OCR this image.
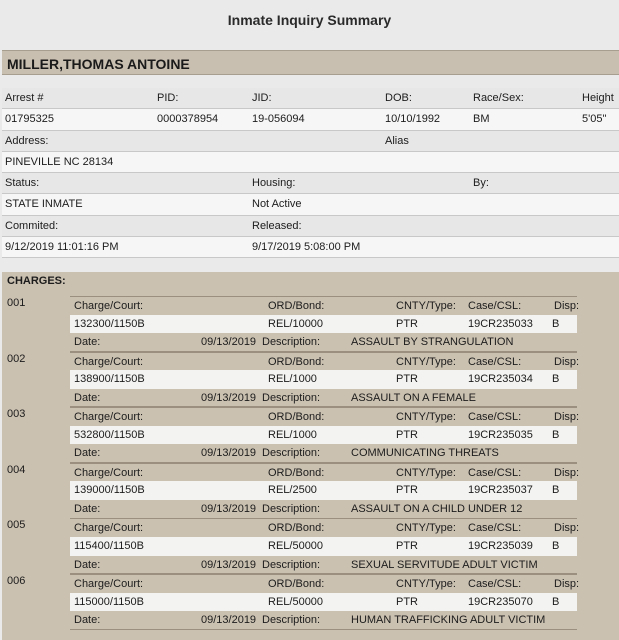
Inmate Inquiry Summary
MILLER,THOMAS ANTOINE
Arrest #	PID:	JID:	DOB:	Race/Sex:	Height
01795325	0000378954	19-056094	10/10/1992	BM	5'05"
Address:	Alias
PINEVILLE NC 28134
Status:	Housing:	By:
STATE INMATE	Not Active
Commited:	Released:
9/12/2019 11:01:16 PM	9/17/2019 5:08:00 PM
CHARGES:
001	Charge/Court:	ORD/Bond:	CNTY/Type: Case/CSL:	Disp:
132300/1150B	REL/10000	PTR	19CR235033 B
Date:	09/13/2019 Description:	ASSAULT BY STRANGULATION
002	Charge/Court:	ORD/Bond:	CNTY/Type: Case/CSL:	Disp:
138900/1150B	REL/1000	PTR	19CR235034 B
Date:	09/13/2019 Description:	ASSAULT ON A FEMALE
003	Charge/Court:	ORD/Bond:	CNTY/Type: Case/CSL:	Disp:
532800/1150B	REL/1000	PTR	19CR235035 B
Date:	09/13/2019 Description:	COMMUNICATING THREATS
004	Charge/Court:	ORD/Bond:	CNTY/Type: Case/CSL:	Disp:
139000/1150B	REL/2500	PTR	19CR235037 B
Date:	09/13/2019 Description:	ASSAULT ON A CHILD UNDER 12
005	Charge/Court:	ORD/Bond:	CNTY/Type: Case/CSL:	Disp:
115400/1150B	REL/50000	PTR	19CR235039 B
Date:	09/13/2019 Description:	SEXUAL SERVITUDE ADULT VICTIM
006	Charge/Court:	ORD/Bond:	CNTY/Type: Case/CSL:	Disp:
115000/1150B	REL/50000	PTR	19CR235070 B
Date:	09/13/2019 Description:	HUMAN TRAFFICKING ADULT VICTIM
